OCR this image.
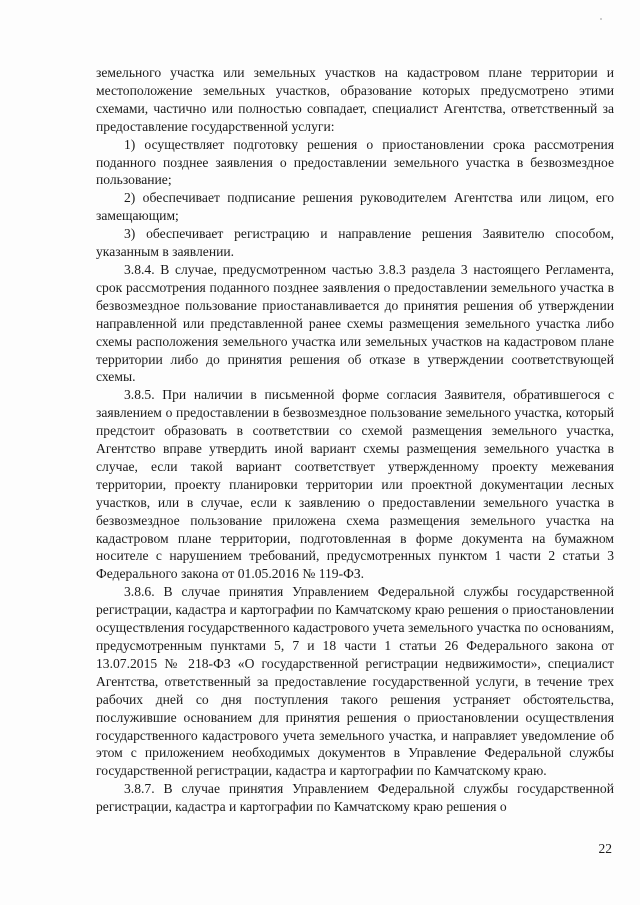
земельного участка или земельных участков на кадастровом плане территории и местоположение земельных участков, образование которых предусмотрено этими схемами, частично или полностью совпадает, специалист Агентства, ответственный за предоставление государственной услуги:

1) осуществляет подготовку решения о приостановлении срока рассмотрения поданного позднее заявления о предоставлении земельного участка в безвозмездное пользование;

2) обеспечивает подписание решения руководителем Агентства или лицом, его замещающим;

3) обеспечивает регистрацию и направление решения Заявителю способом, указанным в заявлении.

3.8.4. В случае, предусмотренном частью 3.8.3 раздела 3 настоящего Регламента, срок рассмотрения поданного позднее заявления о предоставлении земельного участка в безвозмездное пользование приостанавливается до принятия решения об утверждении направленной или представленной ранее схемы размещения земельного участка либо схемы расположения земельного участка или земельных участков на кадастровом плане территории либо до принятия решения об отказе в утверждении соответствующей схемы.

3.8.5. При наличии в письменной форме согласия Заявителя, обратившегося с заявлением о предоставлении в безвозмездное пользование земельного участка, который предстоит образовать в соответствии со схемой размещения земельного участка, Агентство вправе утвердить иной вариант схемы размещения земельного участка в случае, если такой вариант соответствует утвержденному проекту межевания территории, проекту планировки территории или проектной документации лесных участков, или в случае, если к заявлению о предоставлении земельного участка в безвозмездное пользование приложена схема размещения земельного участка на кадастровом плане территории, подготовленная в форме документа на бумажном носителе с нарушением требований, предусмотренных пунктом 1 части 2 статьи 3 Федерального закона от 01.05.2016 № 119-ФЗ.

3.8.6. В случае принятия Управлением Федеральной службы государственной регистрации, кадастра и картографии по Камчатскому краю решения о приостановлении осуществления государственного кадастрового учета земельного участка по основаниям, предусмотренным пунктами 5, 7 и 18 части 1 статьи 26 Федерального закона от 13.07.2015 № 218-ФЗ «О государственной регистрации недвижимости», специалист Агентства, ответственный за предоставление государственной услуги, в течение трех рабочих дней со дня поступления такого решения устраняет обстоятельства, послужившие основанием для принятия решения о приостановлении осуществления государственного кадастрового учета земельного участка, и направляет уведомление об этом с приложением необходимых документов в Управление Федеральной службы государственной регистрации, кадастра и картографии по Камчатскому краю.

3.8.7. В случае принятия Управлением Федеральной службы государственной регистрации, кадастра и картографии по Камчатскому краю решения о

22
